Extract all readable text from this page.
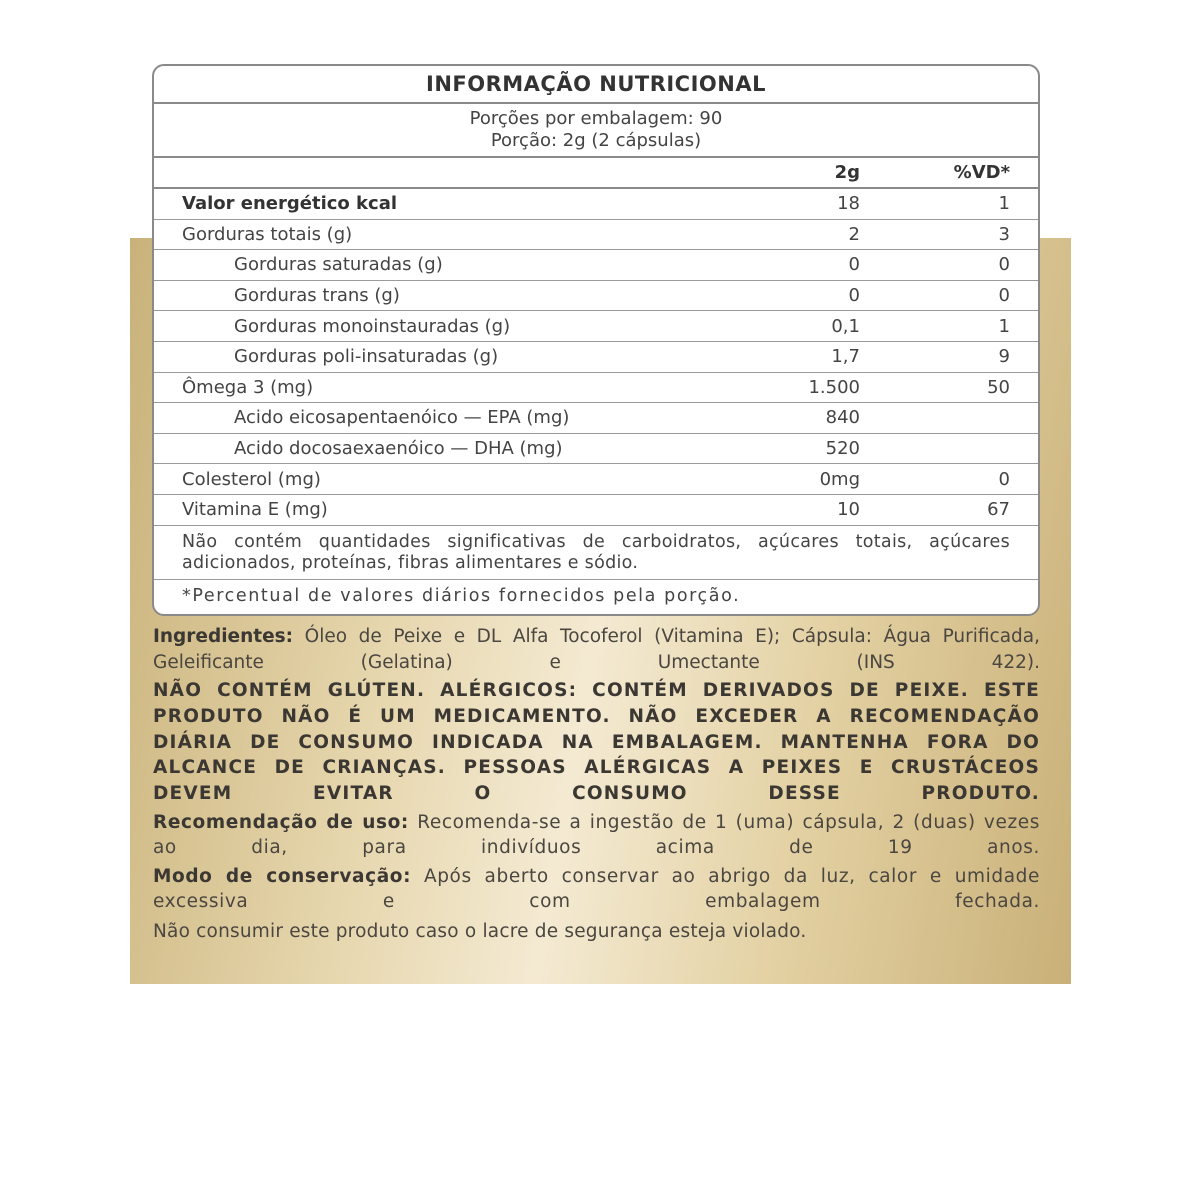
INFORMAÇÃO NUTRICIONAL
Porções por embalagem: 90
Porção: 2g (2 cápsulas)
2g	%VD*
Valor energético kcal	18	1
Gorduras totais (g)	2	3
Gorduras saturadas (g)	0	0
Gorduras trans (g)	0	0
Gorduras monoinstauradas (g)	0,1	1
Gorduras poli-insaturadas (g)	1,7	9
Ômega 3 (mg)	1.500	50
Acido eicosapentaenóico — EPA (mg)	840
Acido docosaexaenóico — DHA (mg)	520
Colesterol (mg)	0mg	0
Vitamina E (mg)	10	67
Não contém quantidades significativas de carboidratos, açúcares totais, açúcares adicionados, proteínas, fibras alimentares e sódio.
*Percentual de valores diários fornecidos pela porção.
Ingredientes: Óleo de Peixe e DL Alfa Tocoferol (Vitamina E); Cápsula: Água Purificada, Geleificante (Gelatina) e Umectante (INS 422).
NÃO CONTÉM GLÚTEN. ALÉRGICOS: CONTÉM DERIVADOS DE PEIXE. ESTE PRODUTO NÃO É UM MEDICAMENTO. NÃO EXCEDER A RECOMENDAÇÃO DIÁRIA DE CONSUMO INDICADA NA EMBALAGEM. MANTENHA FORA DO ALCANCE DE CRIANÇAS. PESSOAS ALÉRGICAS A PEIXES E CRUSTÁCEOS DEVEM EVITAR O CONSUMO DESSE PRODUTO.
Recomendação de uso: Recomenda-se a ingestão de 1 (uma) cápsula, 2 (duas) vezes ao dia, para indivíduos acima de 19 anos.
Modo de conservação: Após aberto conservar ao abrigo da luz, calor e umidade excessiva e com embalagem fechada.
Não consumir este produto caso o lacre de segurança esteja violado.
